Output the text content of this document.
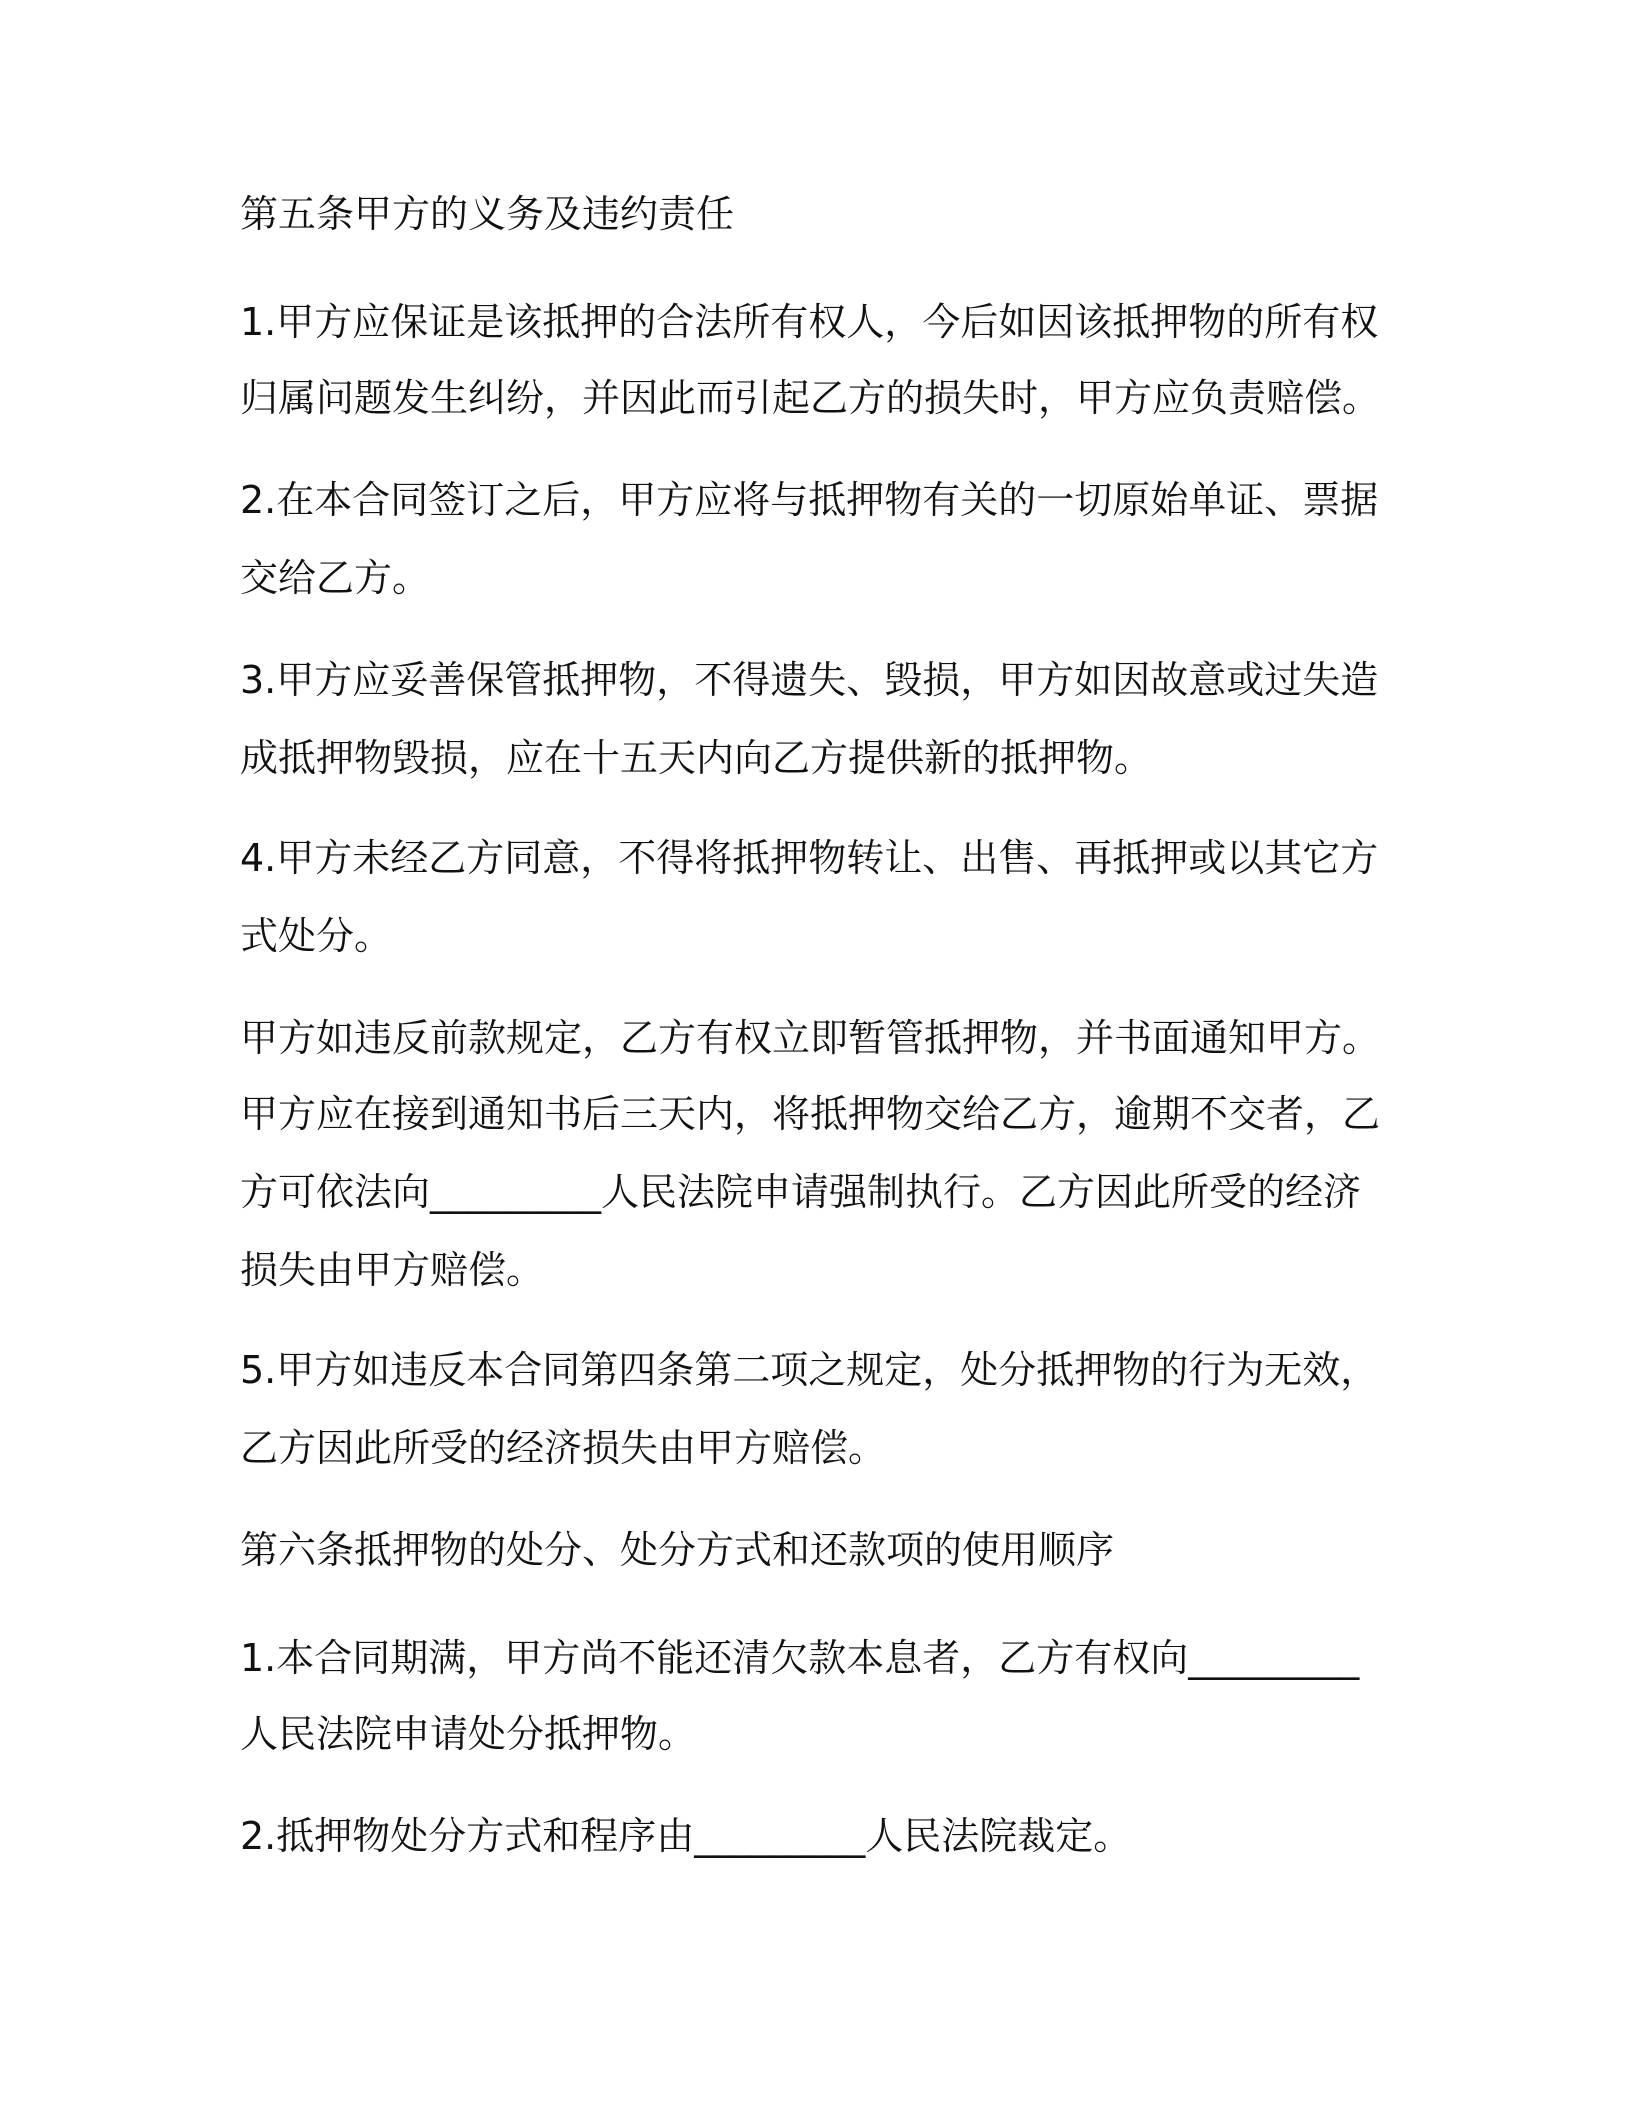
第五条甲方的义务及违约责任

1.甲方应保证是该抵押的合法所有权人，今后如因该抵押物的所有权

归属问题发生纠纷，并因此而引起乙方的损失时，甲方应负责赔偿。

2.在本合同签订之后，甲方应将与抵押物有关的一切原始单证、票据

交给乙方。

3.甲方应妥善保管抵押物，不得遗失、毁损，甲方如因故意或过失造

成抵押物毁损，应在十五天内向乙方提供新的抵押物。

4.甲方未经乙方同意，不得将抵押物转让、出售、再抵押或以其它方

式处分。

甲方如违反前款规定，乙方有权立即暂管抵押物，并书面通知甲方。

甲方应在接到通知书后三天内，将抵押物交给乙方，逾期不交者，乙

方可依法向_________人民法院申请强制执行。乙方因此所受的经济

损失由甲方赔偿。

5.甲方如违反本合同第四条第二项之规定，处分抵押物的行为无效，

乙方因此所受的经济损失由甲方赔偿。

第六条抵押物的处分、处分方式和还款项的使用顺序

1.本合同期满，甲方尚不能还清欠款本息者，乙方有权向_________

人民法院申请处分抵押物。

2.抵押物处分方式和程序由_________人民法院裁定。
